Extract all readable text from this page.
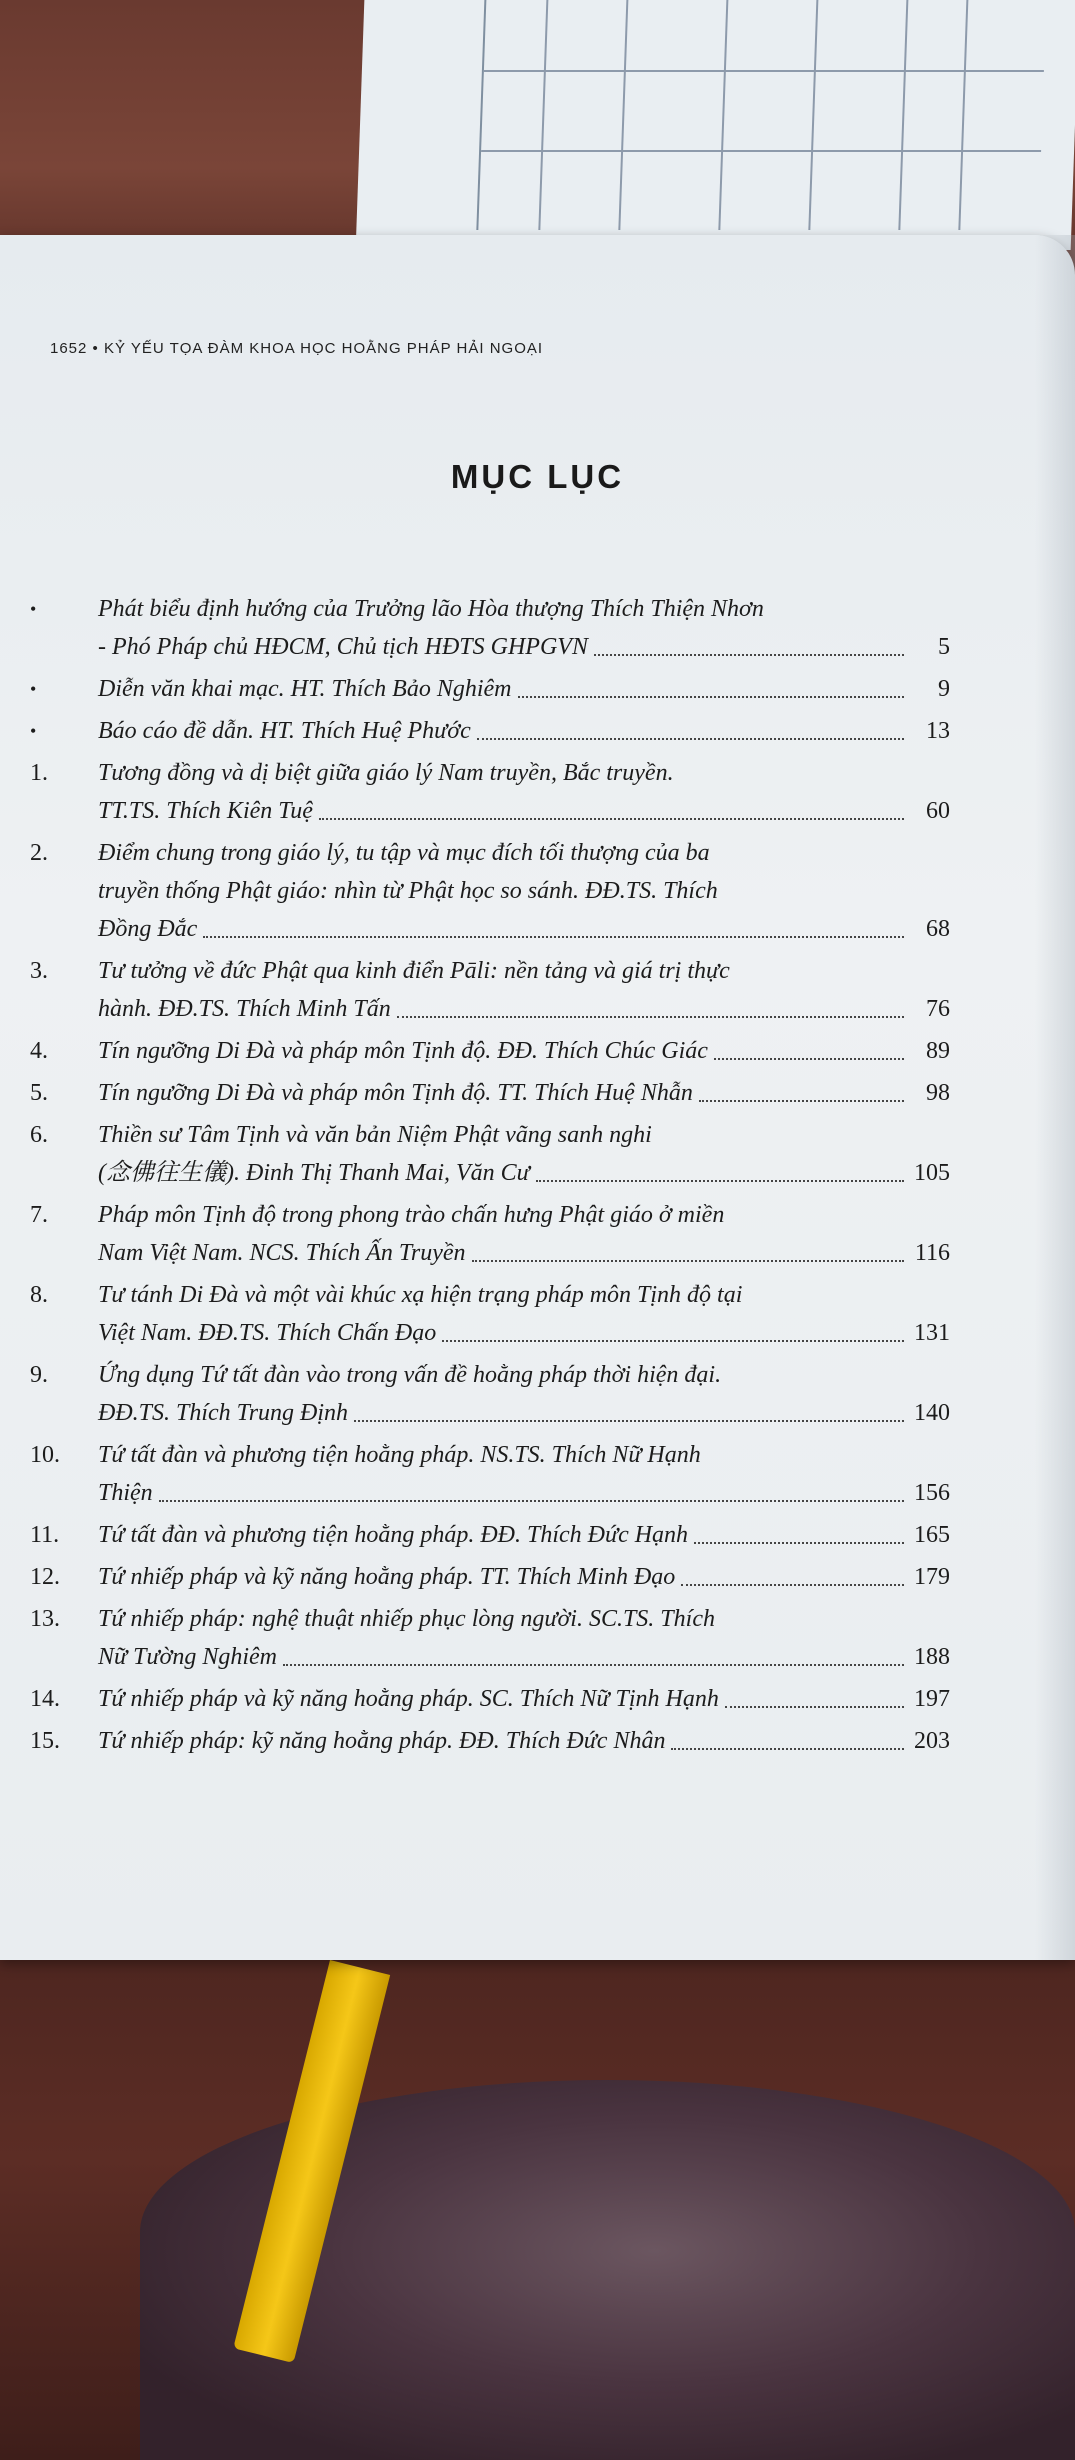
1652 • KỶ YẾU TỌA ĐÀM KHOA HỌC HOẰNG PHÁP HẢI NGOẠI
MỤC LỤC
•	Phát biểu định hướng của Trưởng lão Hòa thượng Thích Thiện Nhơn
- Phó Pháp chủ HĐCM, Chủ tịch HĐTS GHPGVN	5
•	Diễn văn khai mạc. HT. Thích Bảo Nghiêm	9
•	Báo cáo đề dẫn. HT. Thích Huệ Phước	13
1.	Tương đồng và dị biệt giữa giáo lý Nam truyền, Bắc truyền.
TT.TS. Thích Kiên Tuệ	60
2.	Điểm chung trong giáo lý, tu tập và mục đích tối thượng của ba
truyền thống Phật giáo: nhìn từ Phật học so sánh. ĐĐ.TS. Thích
Đồng Đắc	68
3.	Tư tưởng về đức Phật qua kinh điển Pāli: nền tảng và giá trị thực
hành. ĐĐ.TS. Thích Minh Tấn	76
4.	Tín ngưỡng Di Đà và pháp môn Tịnh độ. ĐĐ. Thích Chúc Giác	89
5.	Tín ngưỡng Di Đà và pháp môn Tịnh độ. TT. Thích Huệ Nhẫn	98
6.	Thiền sư Tâm Tịnh và văn bản Niệm Phật vãng sanh nghi
(念佛往生儀). Đinh Thị Thanh Mai, Văn Cư	105
7.	Pháp môn Tịnh độ trong phong trào chấn hưng Phật giáo ở miền
Nam Việt Nam. NCS. Thích Ấn Truyền	116
8.	Tư tánh Di Đà và một vài khúc xạ hiện trạng pháp môn Tịnh độ tại
Việt Nam. ĐĐ.TS. Thích Chấn Đạo	131
9.	Ứng dụng Tứ tất đàn vào trong vấn đề hoằng pháp thời hiện đại.
ĐĐ.TS. Thích Trung Định	140
10.	Tứ tất đàn và phương tiện hoằng pháp. NS.TS. Thích Nữ Hạnh
Thiện	156
11.	Tứ tất đàn và phương tiện hoằng pháp. ĐĐ. Thích Đức Hạnh	165
12.	Tứ nhiếp pháp và kỹ năng hoằng pháp. TT. Thích Minh Đạo	179
13.	Tứ nhiếp pháp: nghệ thuật nhiếp phục lòng người. SC.TS. Thích
Nữ Tường Nghiêm	188
14.	Tứ nhiếp pháp và kỹ năng hoằng pháp. SC. Thích Nữ Tịnh Hạnh	197
15.	Tứ nhiếp pháp: kỹ năng hoằng pháp. ĐĐ. Thích Đức Nhân	203
